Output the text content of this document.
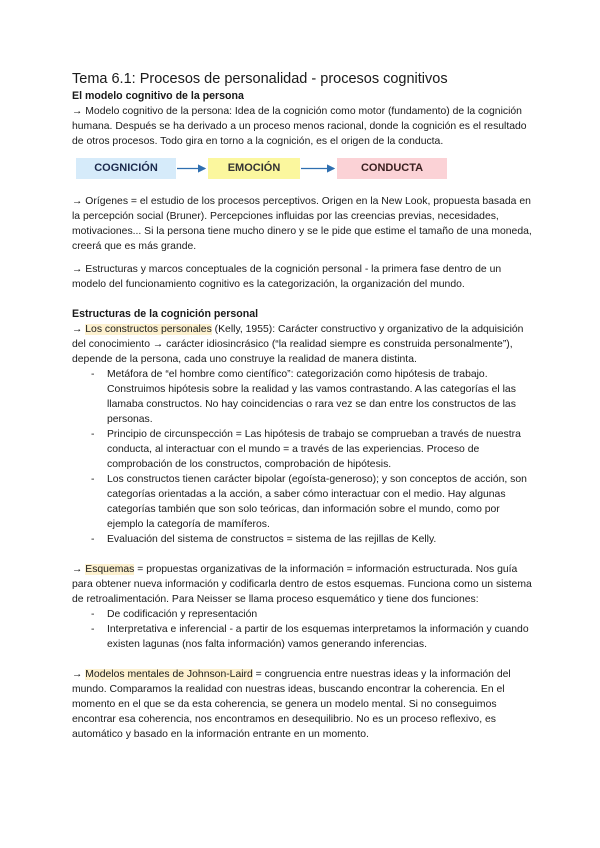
Tema 6.1: Procesos de personalidad - procesos cognitivos
El modelo cognitivo de la persona

→ Modelo cognitivo de la persona: Idea de la cognición como motor (fundamento) de la cognición humana. Después se ha derivado a un proceso menos racional, donde la cognición es el resultado de otros procesos. Todo gira en torno a la cognición, es el origen de la conducta.

COGNICIÓN	EMOCIÓN	CONDUCTA

→ Orígenes = el estudio de los procesos perceptivos. Origen en la New Look, propuesta basada en la percepción social (Bruner). Percepciones influidas por las creencias previas, necesidades, motivaciones... Si la persona tiene mucho dinero y se le pide que estime el tamaño de una moneda, creerá que es más grande.

→ Estructuras y marcos conceptuales de la cognición personal - la primera fase dentro de un modelo del funcionamiento cognitivo es la categorización, la organización del mundo.

Estructuras de la cognición personal

→ Los constructos personales (Kelly, 1955): Carácter constructivo y organizativo de la adquisición del conocimiento → carácter idiosincrásico (“la realidad siempre es construida personalmente”), depende de la persona, cada uno construye la realidad de manera distinta.

- Metáfora de “el hombre como científico”: categorización como hipótesis de trabajo. Construimos hipótesis sobre la realidad y las vamos contrastando. A las categorías el las llamaba constructos. No hay coincidencias o rara vez se dan entre los constructos de las personas.
- Principio de circunspección = Las hipótesis de trabajo se comprueban a través de nuestra conducta, al interactuar con el mundo = a través de las experiencias. Proceso de comprobación de los constructos, comprobación de hipótesis.
- Los constructos tienen carácter bipolar (egoísta-generoso); y son conceptos de acción, son categorías orientadas a la acción, a saber cómo interactuar con el medio. Hay algunas categorías también que son solo teóricas, dan información sobre el mundo, como por ejemplo la categoría de mamíferos.
- Evaluación del sistema de constructos = sistema de las rejillas de Kelly.

→ Esquemas = propuestas organizativas de la información = información estructurada. Nos guía para obtener nueva información y codificarla dentro de estos esquemas. Funciona como un sistema de retroalimentación. Para Neisser se llama proceso esquemático y tiene dos funciones:

- De codificación y representación
- Interpretativa e inferencial - a partir de los esquemas interpretamos la información y cuando existen lagunas (nos falta información) vamos generando inferencias.

→ Modelos mentales de Johnson-Laird = congruencia entre nuestras ideas y la información del mundo. Comparamos la realidad con nuestras ideas, buscando encontrar la coherencia. En el momento en el que se da esta coherencia, se genera un modelo mental. Si no conseguimos encontrar esa coherencia, nos encontramos en desequilibrio. No es un proceso reflexivo, es automático y basado en la información entrante en un momento.
